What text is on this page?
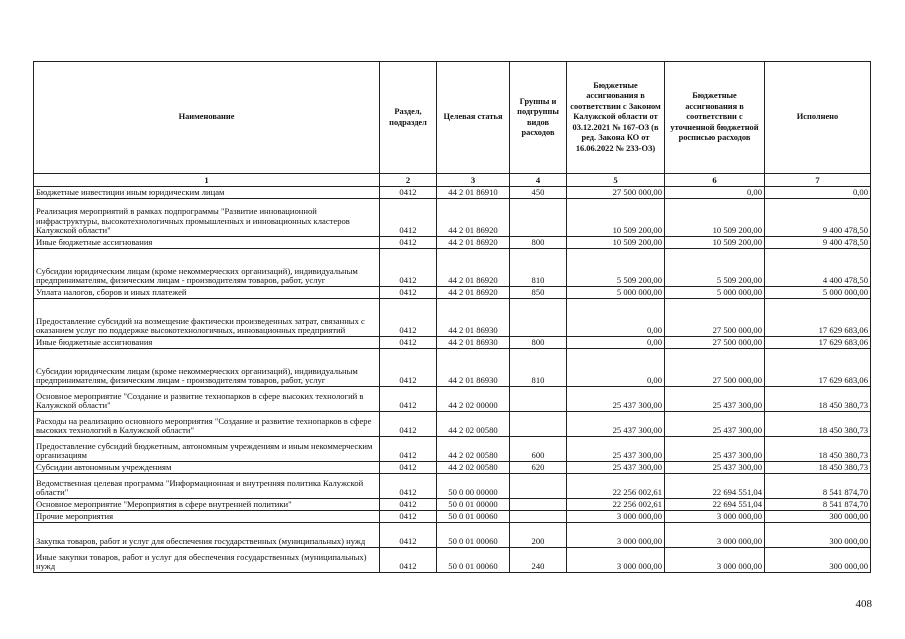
Наименование	Раздел, подраздел	Целевая статья	Группы и подгруппы видов расходов	Бюджетные ассигнования в соответствии с Законом Калужской области от 03.12.2021 № 167-ОЗ (в ред. Закона КО от 16.06.2022 № 233-ОЗ)	Бюджетные ассигнования в соответствии с уточненной бюджетной росписью расходов	Исполнено
1	2	3	4	5	6	7
Бюджетные инвестиции иным юридическим лицам	0412	44 2 01 86910	450	27 500 000,00	0,00	0,00
Реализация мероприятий в рамках подпрограммы "Развитие инновационной инфраструктуры, высокотехнологичных промышленных и инновационных кластеров Калужской области"	0412	44 2 01 86920		10 509 200,00	10 509 200,00	9 400 478,50
Иные бюджетные ассигнования	0412	44 2 01 86920	800	10 509 200,00	10 509 200,00	9 400 478,50
Субсидии юридическим лицам (кроме некоммерческих организаций), индивидуальным предпринимателям, физическим лицам - производителям товаров, работ, услуг	0412	44 2 01 86920	810	5 509 200,00	5 509 200,00	4 400 478,50
Уплата налогов, сборов и иных платежей	0412	44 2 01 86920	850	5 000 000,00	5 000 000,00	5 000 000,00
Предоставление субсидий на возмещение фактически произведенных затрат, связанных с оказанием услуг по поддержке высокотехнологичных, инновационных предприятий	0412	44 2 01 86930		0,00	27 500 000,00	17 629 683,06
Иные бюджетные ассигнования	0412	44 2 01 86930	800	0,00	27 500 000,00	17 629 683,06
Субсидии юридическим лицам (кроме некоммерческих организаций), индивидуальным предпринимателям, физическим лицам - производителям товаров, работ, услуг	0412	44 2 01 86930	810	0,00	27 500 000,00	17 629 683,06
Основное мероприятие "Создание и развитие технопарков в сфере высоких технологий в Калужской области"	0412	44 2 02 00000		25 437 300,00	25 437 300,00	18 450 380,73
Расходы на реализацию основного мероприятия "Создание и развитие технопарков в сфере высоких технологий в Калужской области"	0412	44 2 02 00580		25 437 300,00	25 437 300,00	18 450 380,73
Предоставление субсидий бюджетным, автономным учреждениям и иным некоммерческим организациям	0412	44 2 02 00580	600	25 437 300,00	25 437 300,00	18 450 380,73
Субсидии автономным учреждениям	0412	44 2 02 00580	620	25 437 300,00	25 437 300,00	18 450 380,73
Ведомственная целевая программа "Информационная и внутренняя политика Калужской области"	0412	50 0 00 00000		22 256 002,61	22 694 551,04	8 541 874,70
Основное мероприятие "Мероприятия в сфере внутренней политики"	0412	50 0 01 00000		22 256 002,61	22 694 551,04	8 541 874,70
Прочие мероприятия	0412	50 0 01 00060		3 000 000,00	3 000 000,00	300 000,00
Закупка товаров, работ и услуг для обеспечения государственных (муниципальных) нужд	0412	50 0 01 00060	200	3 000 000,00	3 000 000,00	300 000,00
Иные закупки товаров, работ и услуг для обеспечения государственных (муниципальных) нужд	0412	50 0 01 00060	240	3 000 000,00	3 000 000,00	300 000,00
408
